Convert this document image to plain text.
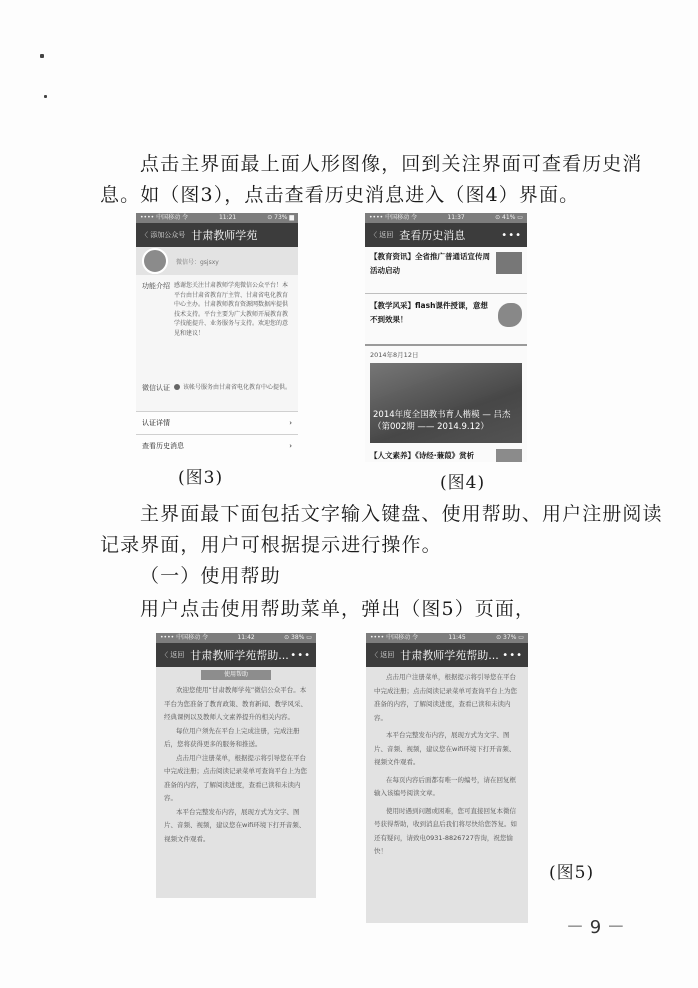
点击主界面最上面人形图像，回到关注界面可查看历史消
息。如（图3），点击查看历史消息进入（图4）界面。
•••• 中国移动 令	11:21	⊙ 73% ▆
〈 添加公众号 甘肃教师学苑
微信号：gsjsxy
功能介绍 感谢您关注甘肃教师学苑微信公众平台！本平台由甘肃省教育厅主管、甘肃省电化教育中心主办。甘肃教师教育资源网数据库提供技术支持。平台主要为广大教师开展教育教学技能提升、业务服务与支持。欢迎您的意见和建议！
微信认证	该帐号服务由甘肃省电化教育中心提供。
认证详情	›
查看历史消息	›
(图3)
•••• 中国移动 令	11:37	⊙ 41% ▭
〈 返回 查看历史消息	•••
【教育资讯】全省推广普通话宣传周活动启动
【教学风采】flash课件授课，意想不到效果！
2014年8月12日
2014年度全国教书育人楷模 — 吕杰（第002期 —— 2014.9.12）
【人文素养】《诗经·蒹葭》赏析
(图4)
主界面最下面包括文字输入键盘、使用帮助、用户注册阅读
记录界面，用户可根据提示进行操作。
（一）使用帮助
用户点击使用帮助菜单，弹出（图5）页面，
•••• 中国移动 令	11:42	⊙ 38% ▭
〈 返回 甘肃教师学苑帮助... •••
使用帮助
欢迎您使用“甘肃教师学苑”微信公众平台。本平台为您准备了教育政策、教育新闻、教学风采、经典课例以及教师人文素养提升的相关内容。
每位用户须先在平台上完成注册，完成注册后，您将获得更多的服务和推送。
点击用户注册菜单，根据提示将引导您在平台中完成注册；点击阅读记录菜单可查询平台上为您准备的内容，了解阅读进度，查看已读和未读内容。
本平台完整发布内容，展现方式为文字、图片、音频、视频，建议您在wifi环境下打开音频、视频文件观看。
•••• 中国移动 令	11:45	⊙ 37% ▭
〈 返回 甘肃教师学苑帮助... •••
点击用户注册菜单，根据提示将引导您在平台中完成注册；点击阅读记录菜单可查询平台上为您准备的内容，了解阅读进度，查看已读和未读内容。
本平台完整发布内容，展现方式为文字、图片、音频、视频，建议您在wifi环境下打开音频、视频文件观看。
在每页内容后面都有唯一的编号，请在回复框输入该编号阅读文章。
使用时遇到问题或困难，您可直接回复本微信号获得帮助，收到消息后我们将尽快给您答复。如还有疑问，请致电0931-8826727咨询，祝您愉快！
(图5)
－ 9 －
